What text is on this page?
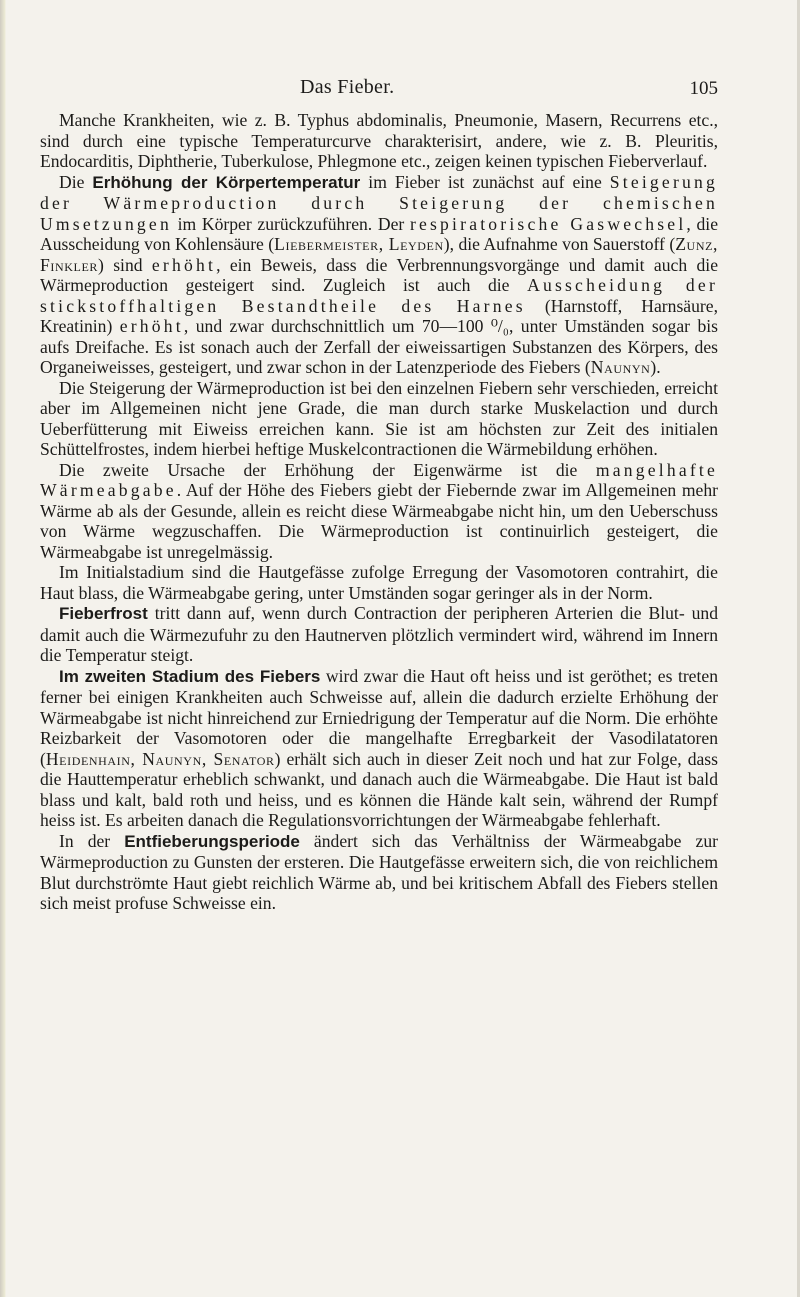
Das Fieber.	105

Manche Krankheiten, wie z. B. Typhus abdominalis, Pneumonie, Masern, Recurrens etc., sind durch eine typische Temperaturcurve charakterisirt, andere, wie z. B. Pleuritis, Endocarditis, Diphtherie, Tuberkulose, Phlegmone etc., zeigen keinen typischen Fieberverlauf.

Die Erhöhung der Körpertemperatur im Fieber ist zunächst auf eine Steigerung der Wärmeproduction durch Steigerung der chemischen Umsetzungen im Körper zurückzuführen. Der respiratorische Gaswechsel, die Ausscheidung von Kohlensäure (Liebermeister, Leyden), die Aufnahme von Sauerstoff (Zunz, Finkler) sind erhöht, ein Beweis, dass die Verbrennungsvorgänge und damit auch die Wärmeproduction gesteigert sind. Zugleich ist auch die Ausscheidung der stickstoffhaltigen Bestandtheile des Harnes (Harnstoff, Harnsäure, Kreatinin) erhöht, und zwar durchschnittlich um 70—100 ⁰/₀, unter Umständen sogar bis aufs Dreifache. Es ist sonach auch der Zerfall der eiweissartigen Substanzen des Körpers, des Organeiweisses, gesteigert, und zwar schon in der Latenzperiode des Fiebers (Naunyn).

Die Steigerung der Wärmeproduction ist bei den einzelnen Fiebern sehr verschieden, erreicht aber im Allgemeinen nicht jene Grade, die man durch starke Muskelaction und durch Ueberfütterung mit Eiweiss erreichen kann. Sie ist am höchsten zur Zeit des initialen Schüttelfrostes, indem hierbei heftige Muskelcontractionen die Wärmebildung erhöhen.

Die zweite Ursache der Erhöhung der Eigenwärme ist die mangelhafte Wärmeabgabe. Auf der Höhe des Fiebers giebt der Fiebernde zwar im Allgemeinen mehr Wärme ab als der Gesunde, allein es reicht diese Wärmeabgabe nicht hin, um den Ueberschuss von Wärme wegzuschaffen. Die Wärmeproduction ist continuirlich gesteigert, die Wärmeabgabe ist unregelmässig.

Im Initialstadium sind die Hautgefässe zufolge Erregung der Vasomotoren contrahirt, die Haut blass, die Wärmeabgabe gering, unter Umständen sogar geringer als in der Norm.

Fieberfrost tritt dann auf, wenn durch Contraction der peripheren Arterien die Blut- und damit auch die Wärmezufuhr zu den Hautnerven plötzlich vermindert wird, während im Innern die Temperatur steigt.

Im zweiten Stadium des Fiebers wird zwar die Haut oft heiss und ist geröthet; es treten ferner bei einigen Krankheiten auch Schweisse auf, allein die dadurch erzielte Erhöhung der Wärmeabgabe ist nicht hinreichend zur Erniedrigung der Temperatur auf die Norm. Die erhöhte Reizbarkeit der Vasomotoren oder die mangelhafte Erregbarkeit der Vasodilatatoren (Heidenhain, Naunyn, Senator) erhält sich auch in dieser Zeit noch und hat zur Folge, dass die Hauttemperatur erheblich schwankt, und danach auch die Wärmeabgabe. Die Haut ist bald blass und kalt, bald roth und heiss, und es können die Hände kalt sein, während der Rumpf heiss ist. Es arbeiten danach die Regulationsvorrichtungen der Wärmeabgabe fehlerhaft.

In der Entfieberungsperiode ändert sich das Verhältniss der Wärmeabgabe zur Wärmeproduction zu Gunsten der ersteren. Die Hautgefässe erweitern sich, die von reichlichem Blut durchströmte Haut giebt reichlich Wärme ab, und bei kritischem Abfall des Fiebers stellen sich meist profuse Schweisse ein.
